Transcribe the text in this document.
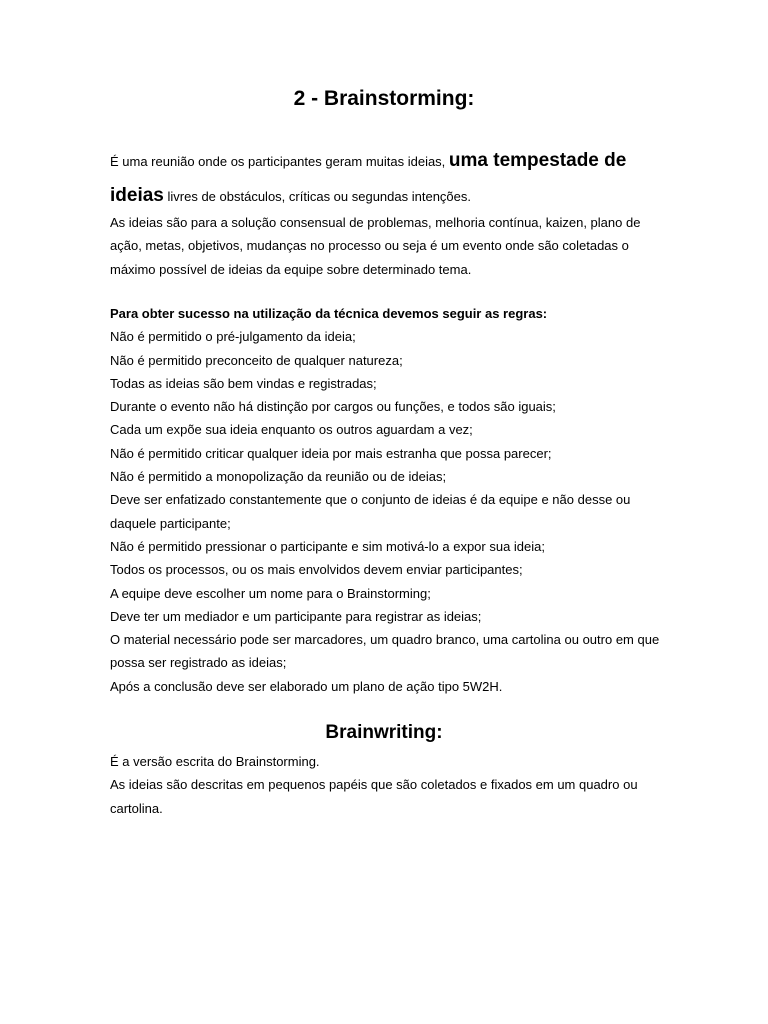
2 - Brainstorming:

É uma reunião onde os participantes geram muitas ideias, uma tempestade de ideias livres de obstáculos, críticas ou segundas intenções.

As ideias são para a solução consensual de problemas, melhoria contínua, kaizen, plano de ação, metas, objetivos, mudanças no processo ou seja é um evento onde são coletadas o máximo possível de ideias da equipe sobre determinado tema.

Para obter sucesso na utilização da técnica devemos seguir as regras:
Não é permitido o pré-julgamento da ideia;
Não é permitido preconceito de qualquer natureza;
Todas as ideias são bem vindas e registradas;
Durante o evento não há distinção por cargos ou funções, e todos são iguais;
Cada um expõe sua ideia enquanto os outros aguardam a vez;
Não é permitido criticar qualquer ideia por mais estranha que possa parecer;
Não é permitido a monopolização da reunião ou de ideias;
Deve ser enfatizado constantemente que o conjunto de ideias é da equipe e não desse ou daquele participante;
Não é permitido pressionar o participante e sim motivá-lo a expor sua ideia;
Todos os processos, ou os mais envolvidos devem enviar participantes;
A equipe deve escolher um nome para o Brainstorming;
Deve ter um mediador e um participante para registrar as ideias;
O material necessário pode ser marcadores, um quadro branco, uma cartolina ou outro em que possa ser registrado as ideias;
Após a conclusão deve ser elaborado um plano de ação tipo 5W2H.
Brainwriting:
É a versão escrita do Brainstorming.
As ideias são descritas em pequenos papéis que são coletados e fixados em um quadro ou cartolina.
